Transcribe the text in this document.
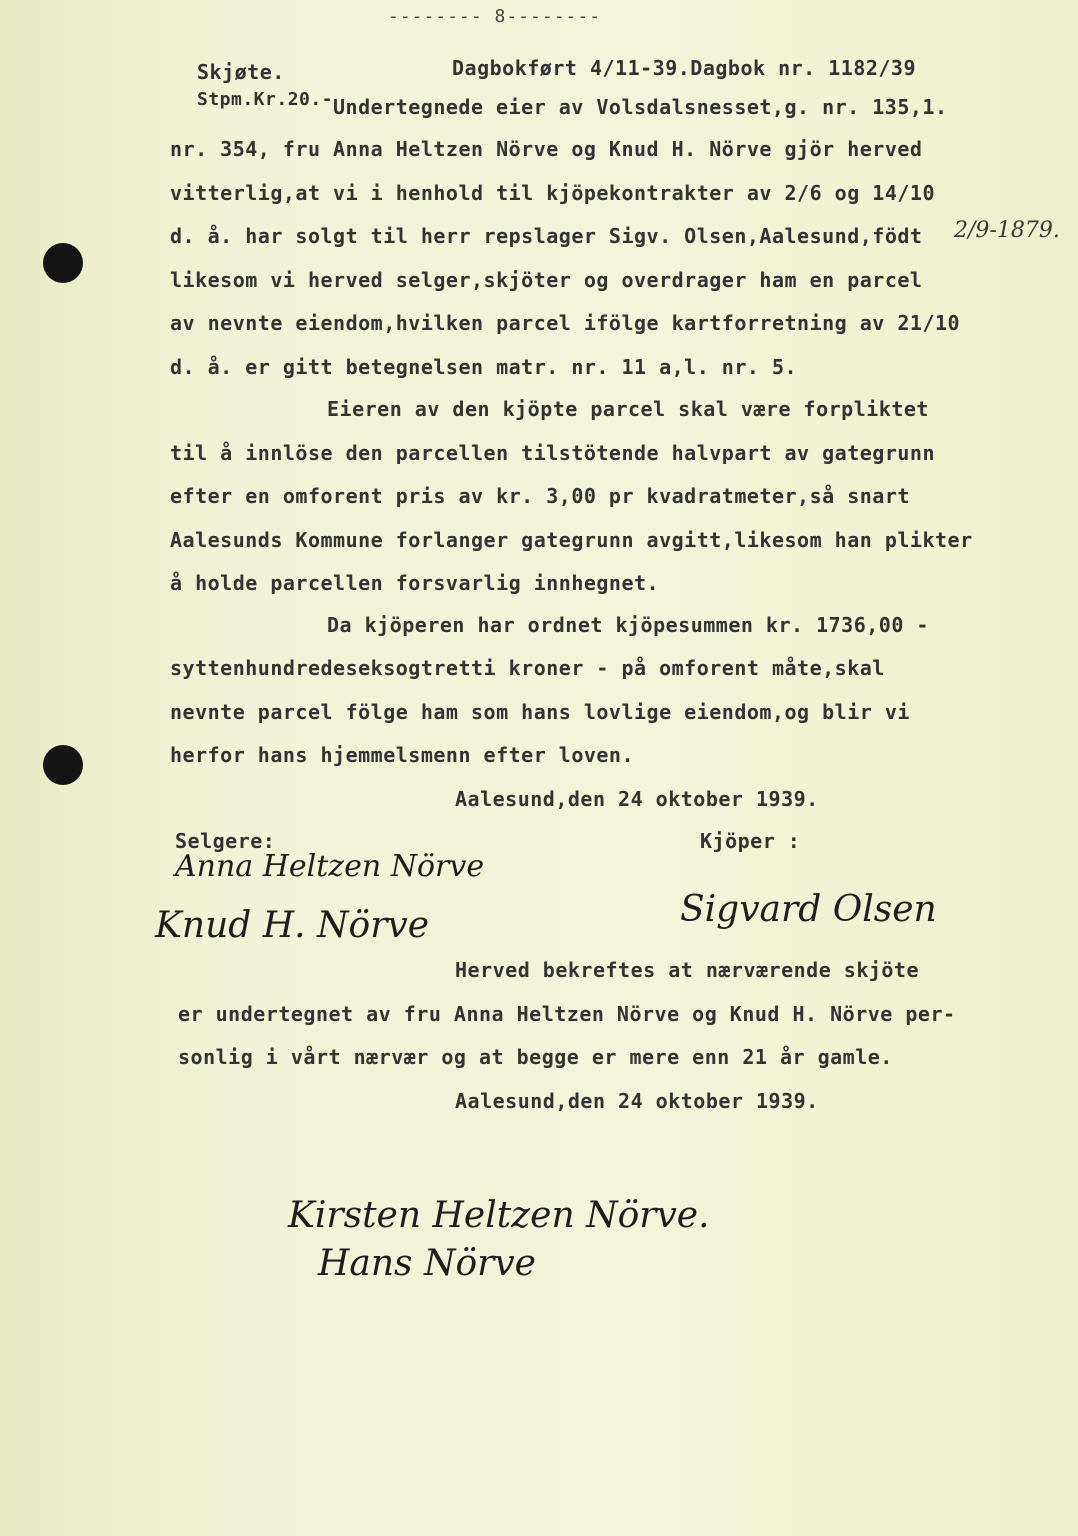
-------- 8--------
Skjøte.	Dagbokført 4/11-39.Dagbok nr. 1182/39
Stpm.Kr.20.- Undertegnede eier av Volsdalsnesset,g. nr. 135,1.
nr. 354, fru Anna Heltzen Nörve og Knud H. Nörve gjör herved
vitterlig,at vi i henhold til kjöpekontrakter av 2/6 og 14/10
d. å. har solgt til herr repslager Sigv. Olsen,Aalesund,födt 2/9-1879.
likesom vi herved selger,skjöter og overdrager ham en parcel
av nevnte eiendom,hvilken parcel ifölge kartforretning av 21/10
d. å. er gitt betegnelsen matr. nr. 11 a,l. nr. 5.
Eieren av den kjöpte parcel skal være forpliktet
til å innlöse den parcellen tilstötende halvpart av gategrunn
efter en omforent pris av kr. 3,00 pr kvadratmeter,så snart
Aalesunds Kommune forlanger gategrunn avgitt,likesom han plikter
å holde parcellen forsvarlig innhegnet.
Da kjöperen har ordnet kjöpesummen kr. 1736,00 -
syttenhundredeseksogtretti kroner - på omforent måte,skal
nevnte parcel fölge ham som hans lovlige eiendom,og blir vi
herfor hans hjemmelsmenn efter loven.
Aalesund,den 24 oktober 1939.
Selgere:	Kjöper :
Anna Heltzen Nörve
Knud H. Nörve	Sigvard Olsen
Herved bekreftes at nærværende skjöte
er undertegnet av fru Anna Heltzen Nörve og Knud H. Nörve per-
sonlig i vårt nærvær og at begge er mere enn 21 år gamle.
Aalesund,den 24 oktober 1939.
Kirsten Heltzen Nörve.
Hans Nörve
